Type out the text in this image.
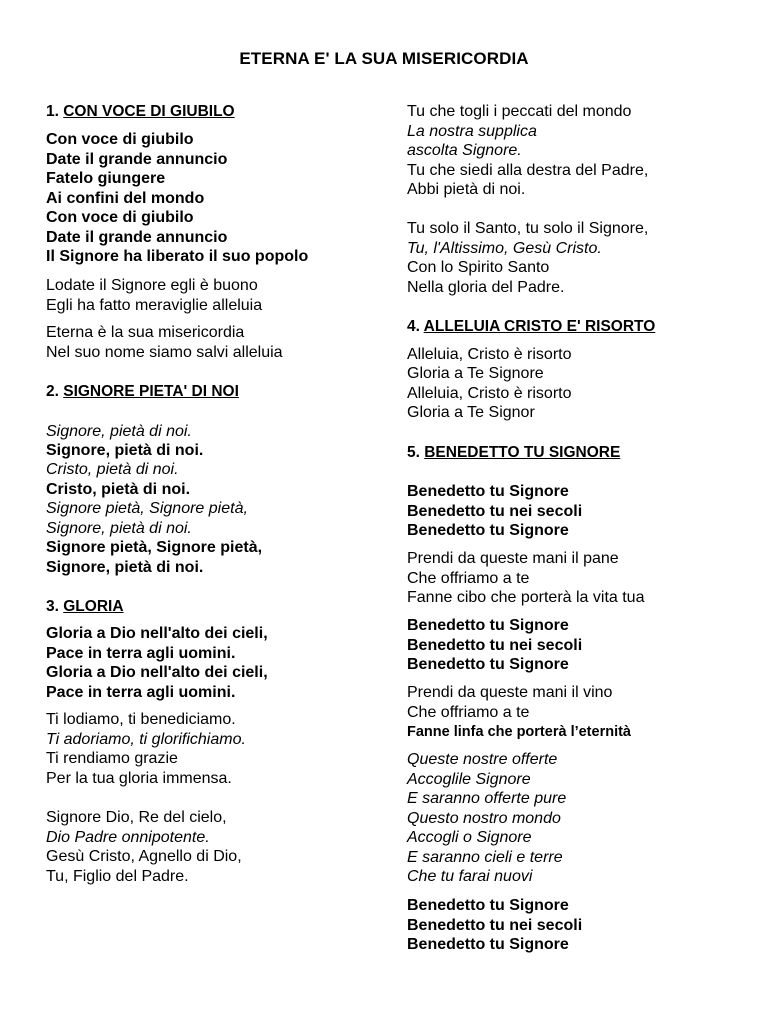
ETERNA E' LA SUA MISERICORDIA
1. CON VOCE DI GIUBILO
Con voce di giubilo
Date il grande annuncio
Fatelo giungere
Ai confini del mondo
Con voce di giubilo
Date il grande annuncio
Il Signore ha liberato il suo popolo
Lodate il Signore egli è buono
Egli ha fatto meraviglie alleluia
Eterna è la sua misericordia
Nel suo nome siamo salvi alleluia
2. SIGNORE PIETA' DI NOI
Signore, pietà di noi.
Signore, pietà di noi.
Cristo, pietà di noi.
Cristo, pietà di noi.
Signore pietà, Signore pietà,
Signore, pietà di noi.
Signore pietà, Signore pietà,
Signore, pietà di noi.
3. GLORIA
Gloria a Dio nell'alto dei cieli,
Pace in terra agli uomini.
Gloria a Dio nell'alto dei cieli,
Pace in terra agli uomini.
Ti lodiamo, ti benediciamo.
Ti adoriamo, ti glorifichiamo.
Ti rendiamo grazie
Per la tua gloria immensa.
Signore Dio, Re del cielo,
Dio Padre onnipotente.
Gesù Cristo, Agnello di Dio,
Tu, Figlio del Padre.
Tu che togli i peccati del mondo
La nostra supplica
ascolta Signore.
Tu che siedi alla destra del Padre,
Abbi pietà di noi.
Tu solo il Santo, tu solo il Signore,
Tu, l'Altissimo, Gesù Cristo.
Con lo Spirito Santo
Nella gloria del Padre.
4. ALLELUIA CRISTO E' RISORTO
Alleluia, Cristo è risorto
Gloria a Te Signore
Alleluia, Cristo è risorto
Gloria a Te Signor
5. BENEDETTO TU SIGNORE
Benedetto tu Signore
Benedetto tu nei secoli
Benedetto tu Signore
Prendi da queste mani il pane
Che offriamo a te
Fanne cibo che porterà la vita tua
Benedetto tu Signore
Benedetto tu nei secoli
Benedetto tu Signore
Prendi da queste mani il vino
Che offriamo a te
Fanne linfa che porterà l’eternità
Queste nostre offerte
Accoglile Signore
E saranno offerte pure
Questo nostro mondo
Accogli o Signore
E saranno cieli e terre
Che tu farai nuovi
Benedetto tu Signore
Benedetto tu nei secoli
Benedetto tu Signore
